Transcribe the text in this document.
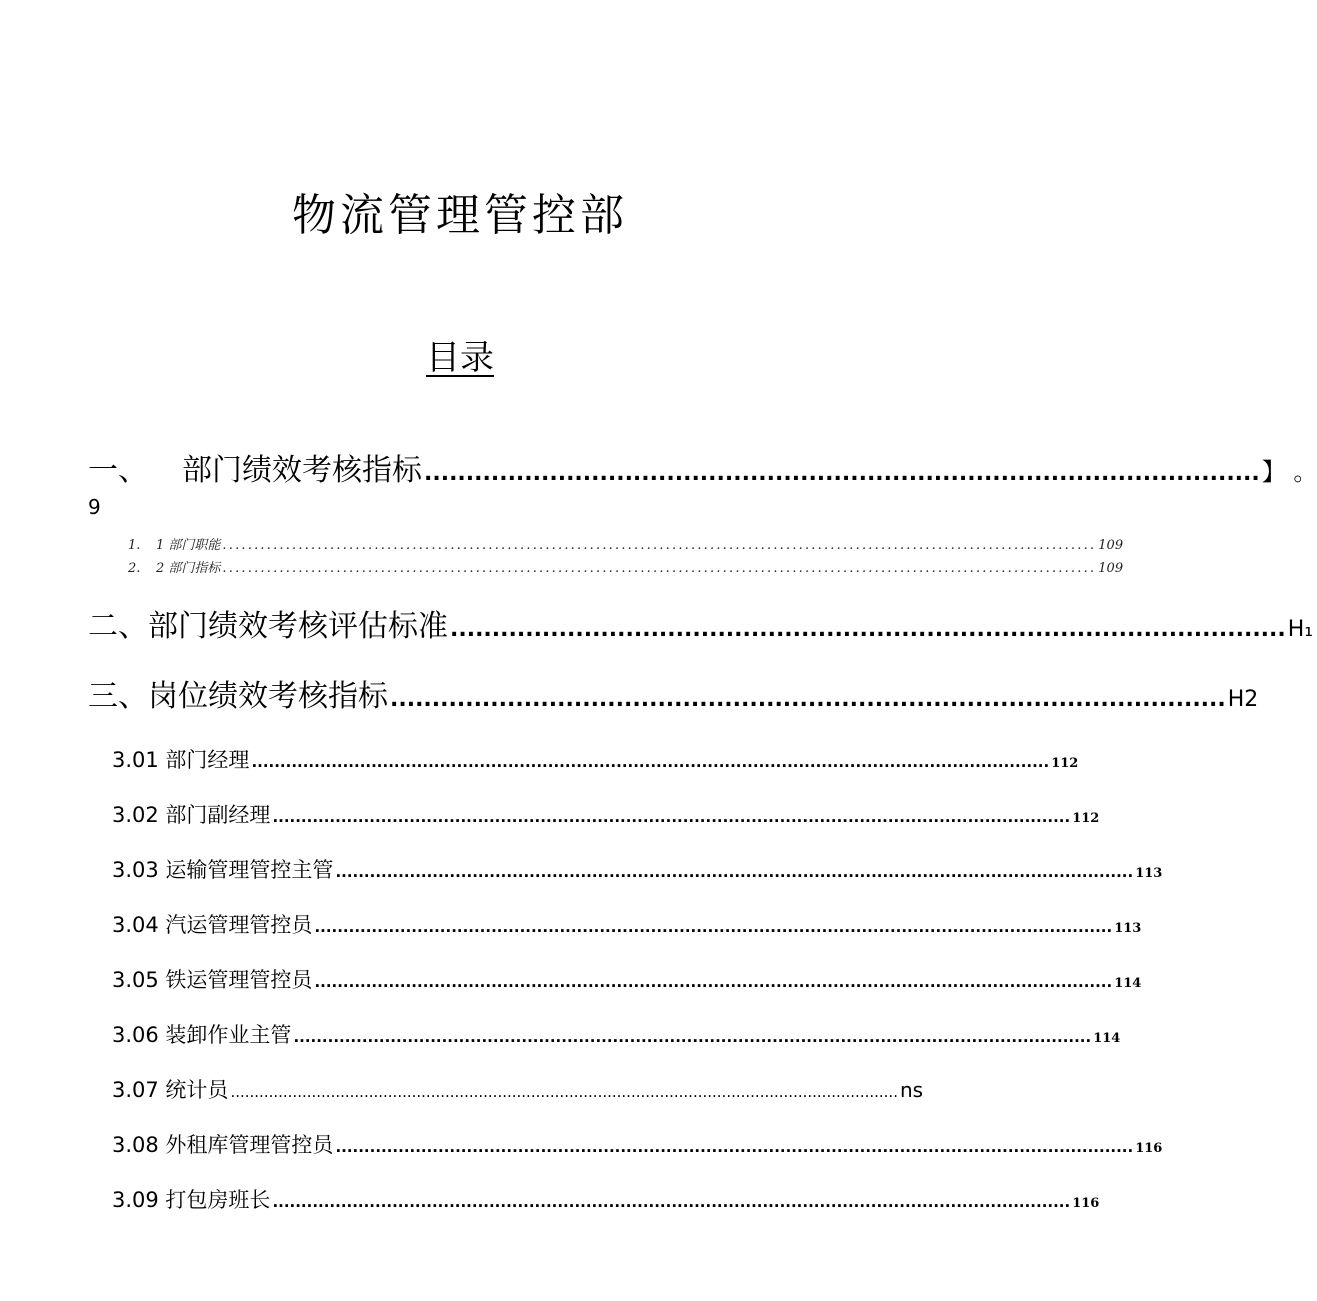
物流管理管控部
目录
一、	部门绩效考核指标 .................................................................................................... 】 。
9
1.	1 部门职能 .......................................................................................................................................... 109
2.	2 部门指标 .......................................................................................................................................... 109
二、部门绩效考核评估标准 .................................................................................................... H₁
三、岗位绩效考核指标 .................................................................................................... H2
3.01 部门经理 ............................................................................................................................................ 112
3.02 部门副经理 ............................................................................................................................................ 112
3.03 运输管理管控主管 ............................................................................................................................................ 113
3.04 汽运管理管控员 ............................................................................................................................................ 113
3.05 铁运管理管控员 ............................................................................................................................................ 114
3.06 装卸作业主管 ............................................................................................................................................ 114
3.07 统计员 ............................................................................................................................................ ns
3.08 外租库管理管控员 ............................................................................................................................................ 116
3.09 打包房班长 ............................................................................................................................................ 116
